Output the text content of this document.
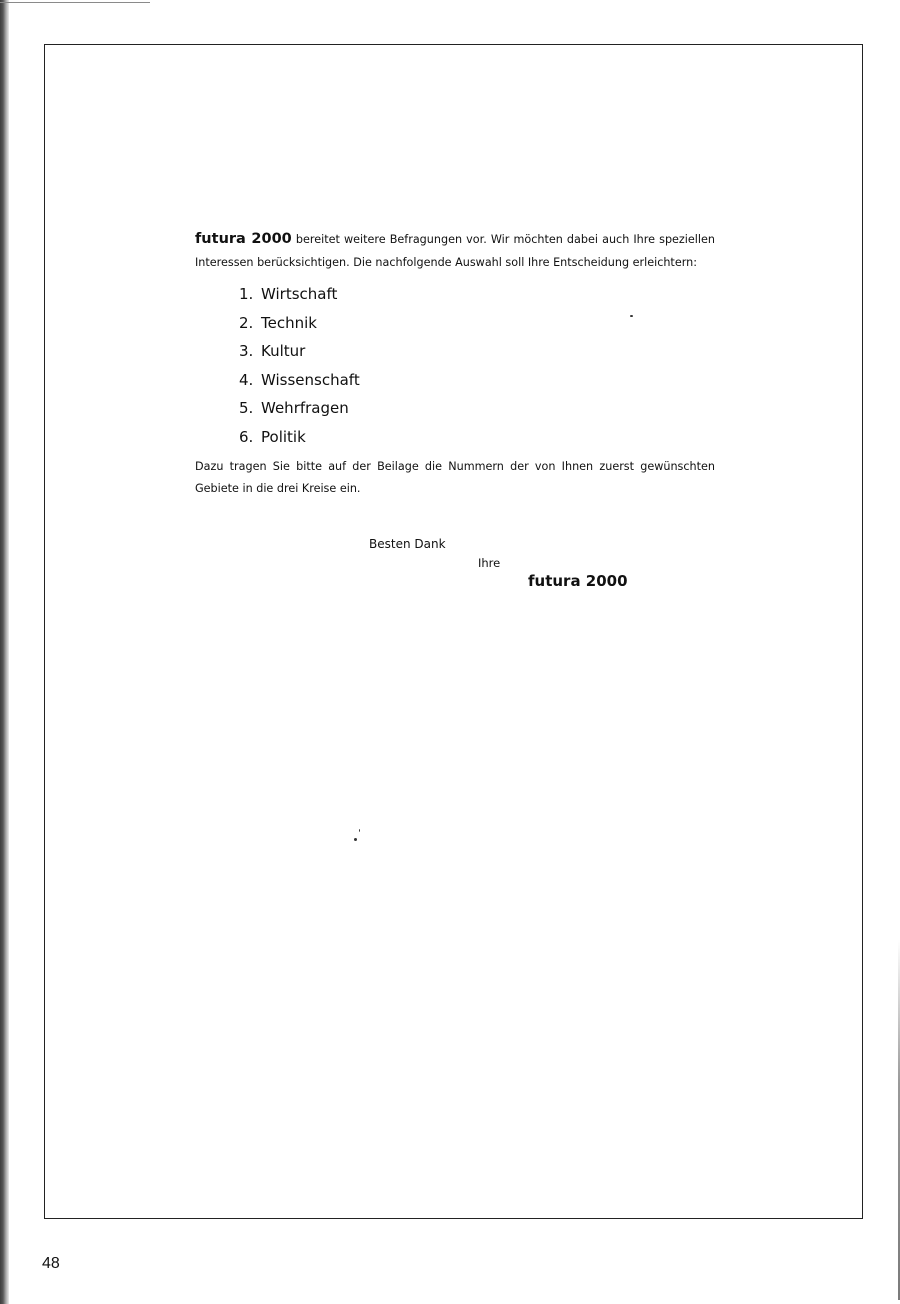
futura 2000 bereitet weitere Befragungen vor. Wir möchten dabei auch Ihre speziellen Interessen berücksichtigen. Die nachfolgende Auswahl soll Ihre Entscheidung erleichtern:

1. Wirtschaft
2. Technik
3. Kultur
4. Wissenschaft
5. Wehrfragen
6. Politik

Dazu tragen Sie bitte auf der Beilage die Nummern der von Ihnen zuerst gewünschten Gebiete in die drei Kreise ein.

Besten Dank
Ihre
futura 2000
48
